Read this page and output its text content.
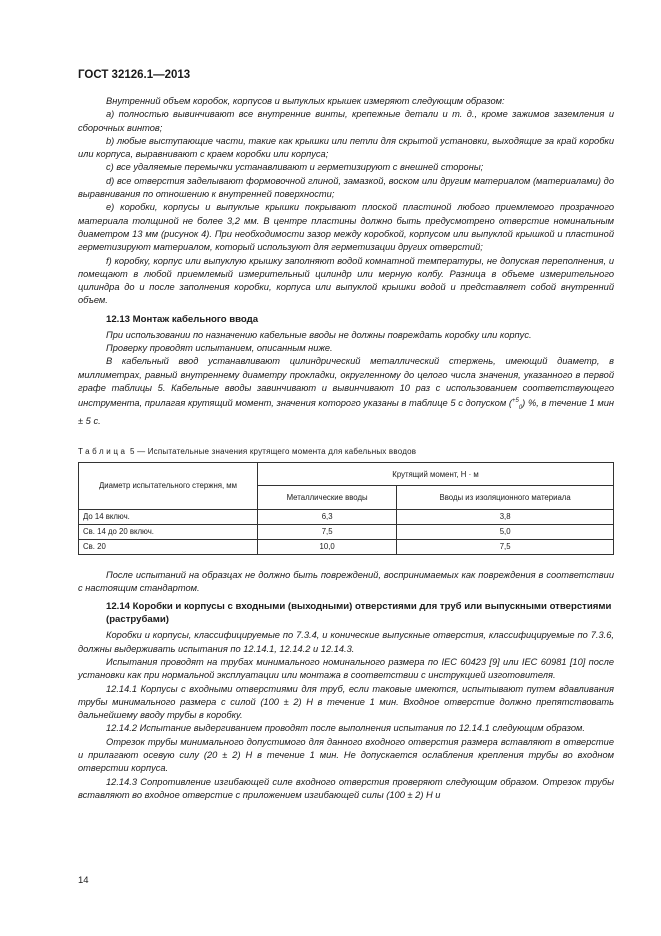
ГОСТ 32126.1—2013

Внутренний объем коробок, корпусов и выпуклых крышек измеряют следующим образом:

a) полностью вывинчивают все внутренние винты, крепежные детали и т. д., кроме зажимов заземления и сборочных винтов;

b) любые выступающие части, такие как крышки или петли для скрытой установки, выходящие за край коробки или корпуса, выравнивают с краем коробки или корпуса;

c) все удаляемые перемычки устанавливают и герметизируют с внешней стороны;

d) все отверстия заделывают формовочной глиной, замазкой, воском или другим материалом (материалами) до выравнивания по отношению к внутренней поверхности;

e) коробки, корпусы и выпуклые крышки покрывают плоской пластиной любого приемлемого прозрачного материала толщиной не более 3,2 мм. В центре пластины должно быть предусмотрено отверстие номинальным диаметром 13 мм (рисунок 4). При необходимости зазор между коробкой, корпусом или выпуклой крышкой и пластиной герметизируют материалом, который используют для герметизации других отверстий;

f) коробку, корпус или выпуклую крышку заполняют водой комнатной температуры, не допуская переполнения, и помещают в любой приемлемый измерительный цилиндр или мерную колбу. Разница в объеме измерительного цилиндра до и после заполнения коробки, корпуса или выпуклой крышки водой и представляет собой внутренний объем.

12.13 Монтаж кабельного ввода

При использовании по назначению кабельные вводы не должны повреждать коробку или корпус.

Проверку проводят испытанием, описанным ниже.

В кабельный ввод устанавливают цилиндрический металлический стержень, имеющий диаметр, в миллиметрах, равный внутреннему диаметру прокладки, округленному до целого числа значения, указанного в первой графе таблицы 5. Кабельные вводы завинчивают и вывинчивают 10 раз с использованием соответствующего инструмента, прилагая крутящий момент, значения которого указаны в таблице 5 с допуском ($^{+5}_0$) %, в течение 1 мин ± 5 с.

Таблица 5 — Испытательные значения крутящего момента для кабельных вводов
Диаметр испытательного стержня, мм	Крутящий момент, Н · м	
	Металлические вводы	Вводы из изоляционного материала
До 14 включ.	6,3	3,8
Св. 14 до 20 включ.	7,5	5,0
Св. 20	10,0	7,5

После испытаний на образцах не должно быть повреждений, воспринимаемых как повреждения в соответствии с настоящим стандартом.

12.14 Коробки и корпусы с входными (выходными) отверстиями для труб или выпускными отверстиями (раструбами)

Коробки и корпусы, классифицируемые по 7.3.4, и конические выпускные отверстия, классифицируемые по 7.3.6, должны выдерживать испытания по 12.14.1, 12.14.2 и 12.14.3.

Испытания проводят на трубах минимального номинального размера по IEC 60423 [9] или IEC 60981 [10] после установки как при нормальной эксплуатации или монтажа в соответствии с инструкцией изготовителя.

12.14.1 Корпусы с входными отверстиями для труб, если таковые имеются, испытывают путем вдавливания трубы минимального размера с силой (100 ± 2) Н в течение 1 мин. Входное отверстие должно препятствовать дальнейшему вводу трубы в коробку.

12.14.2 Испытание выдергиванием проводят после выполнения испытания по 12.14.1 следующим образом.

Отрезок трубы минимального допустимого для данного входного отверстия размера вставляют в отверстие и прилагают осевую силу (20 ± 2) Н в течение 1 мин. Не допускается ослабления крепления трубы во входном отверстии корпуса.

12.14.3 Сопротивление изгибающей силе входного отверстия проверяют следующим образом. Отрезок трубы вставляют во входное отверстие с приложением изгибающей силы (100 ± 2) Н и

14
